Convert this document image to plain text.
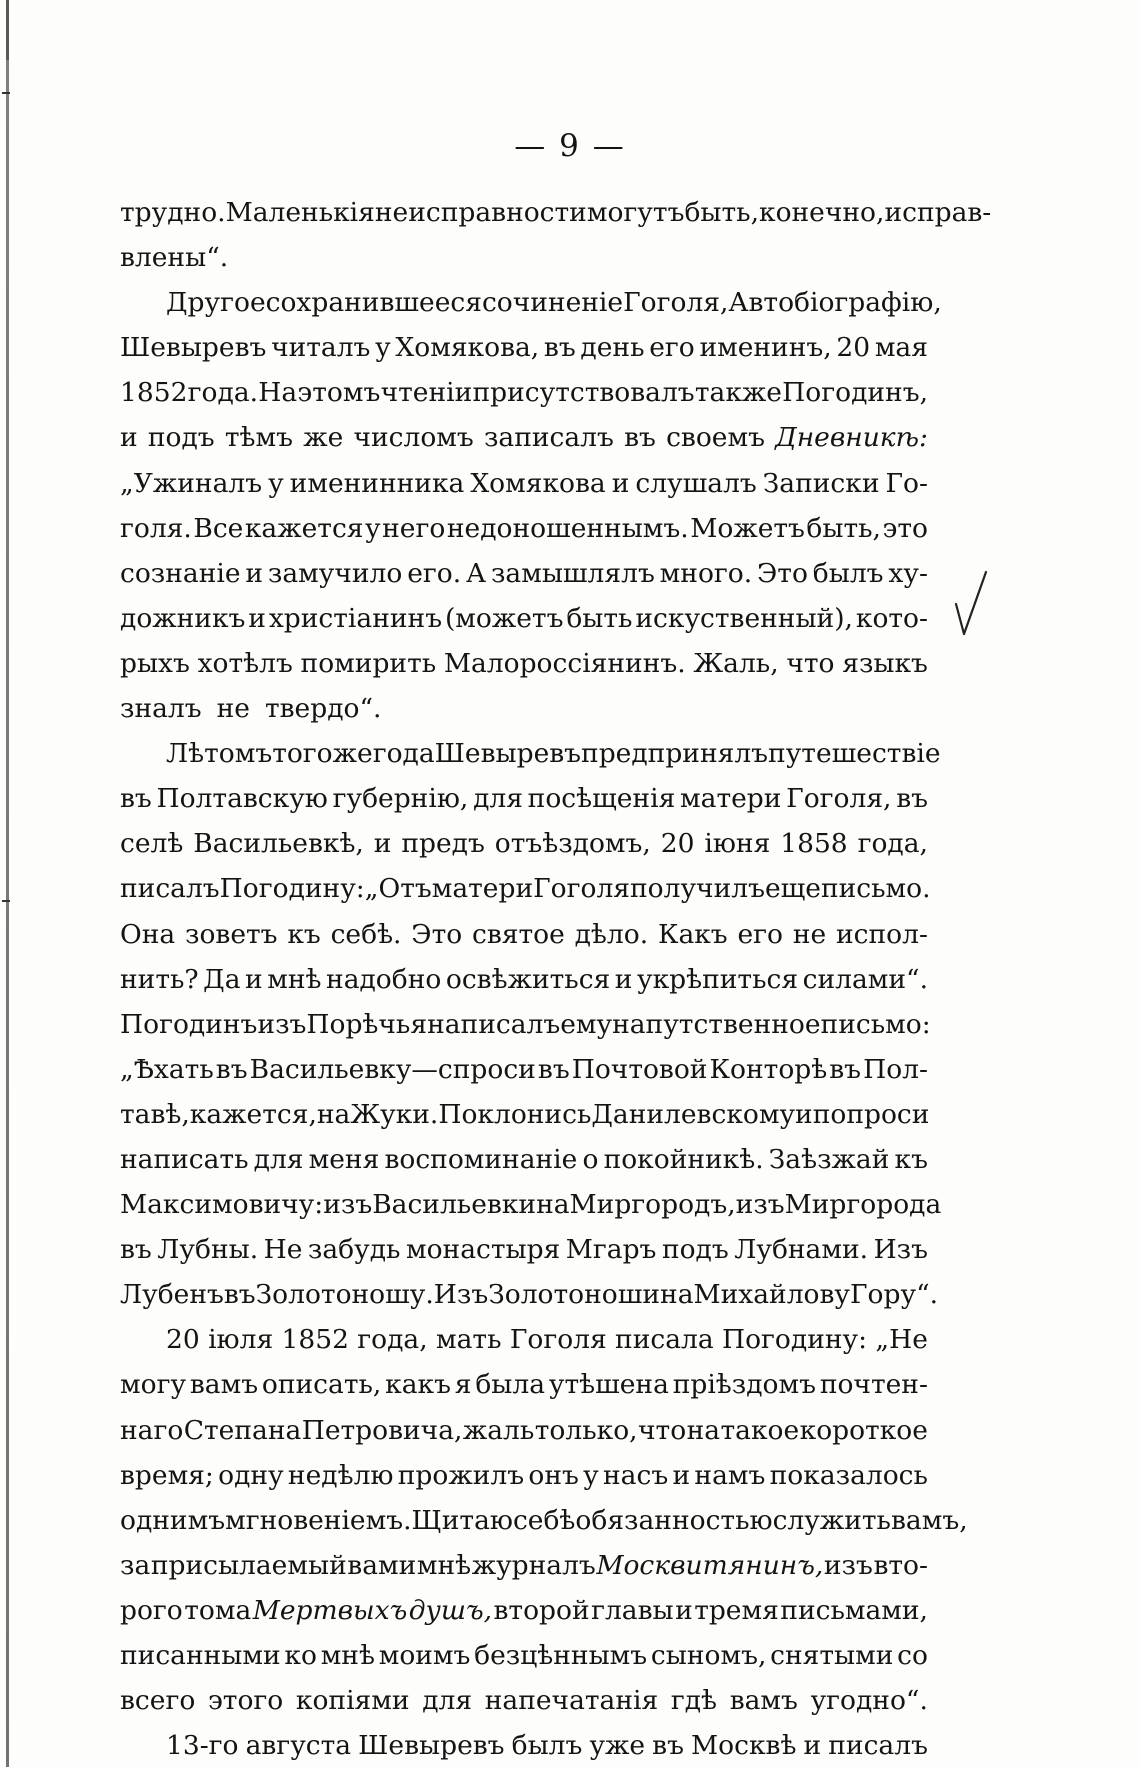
— 9 —
трудно. Маленькія неисправности могутъ быть, конечно, исправ-
влены“.
Другое сохранившееся сочиненіе Гоголя, Автобіографію,
Шевыревъ читалъ у Хомякова, въ день его именинъ, 20 мая
1852 года. На этомъ чтеніи присутствовалъ также Погодинъ,
и подъ тѣмъ же числомъ записалъ въ своемъ Дневникѣ:
„Ужиналъ у именинника Хомякова и слушалъ Записки Го-
голя. Все кажется у него недоношеннымъ. Можетъ быть, это
сознаніе и замучило его. А замышлялъ много. Это былъ ху-
дожникъ и христіанинъ (можетъ быть искуственный), кото-
рыхъ хотѣлъ помирить Малороссіянинъ. Жаль, что языкъ
зналъ не твердо“.
Лѣтомъ того же года Шевыревъ предпринялъ путешествіе
въ Полтавскую губернію, для посѣщенія матери Гоголя, въ
селѣ Васильевкѣ, и предъ отъѣздомъ, 20 іюня 1858 года,
писалъ Погодину: „Отъ матери Гоголя получилъ еще письмо.
Она зоветъ къ себѣ. Это святое дѣло. Какъ его не испол-
нить? Да и мнѣ надобно освѣжиться и укрѣпиться силами“.
Погодинъ изъ Порѣчья написалъ ему напутственное письмо:
„Ѣхать въ Васильевку—спроси въ Почтовой Конторѣ въ Пол-
тавѣ, кажется, на Жуки. Поклонись Данилевскому и попроси
написать для меня воспоминаніе о покойникѣ. Заѣзжай къ
Максимовичу: изъ Васильевки на Миргородъ, изъ Миргорода
въ Лубны. Не забудь монастыря Мгаръ подъ Лубнами. Изъ
Лубенъ въ Золотоношу. Изъ Золотоноши на Михайлову Гору“.
20 іюля 1852 года, мать Гоголя писала Погодину: „Не
могу вамъ описать, какъ я была утѣшена пріѣздомъ почтен-
наго Степана Петровича, жаль только, что на такое короткое
время; одну недѣлю прожилъ онъ у насъ и намъ показалось
однимъ мгновеніемъ. Щитаю себѣ обязанностью служить вамъ,
за присылаемый вами мнѣ журналъ Москвитянинъ, изъ вто-
рого тома Мертвыхъ душъ, второй главы и тремя письмами,
писанными ко мнѣ моимъ безцѣннымъ сыномъ, снятыми со
всего этого копіями для напечатанія гдѣ вамъ угодно“.
13-го августа Шевыревъ былъ уже въ Москвѣ и писалъ
